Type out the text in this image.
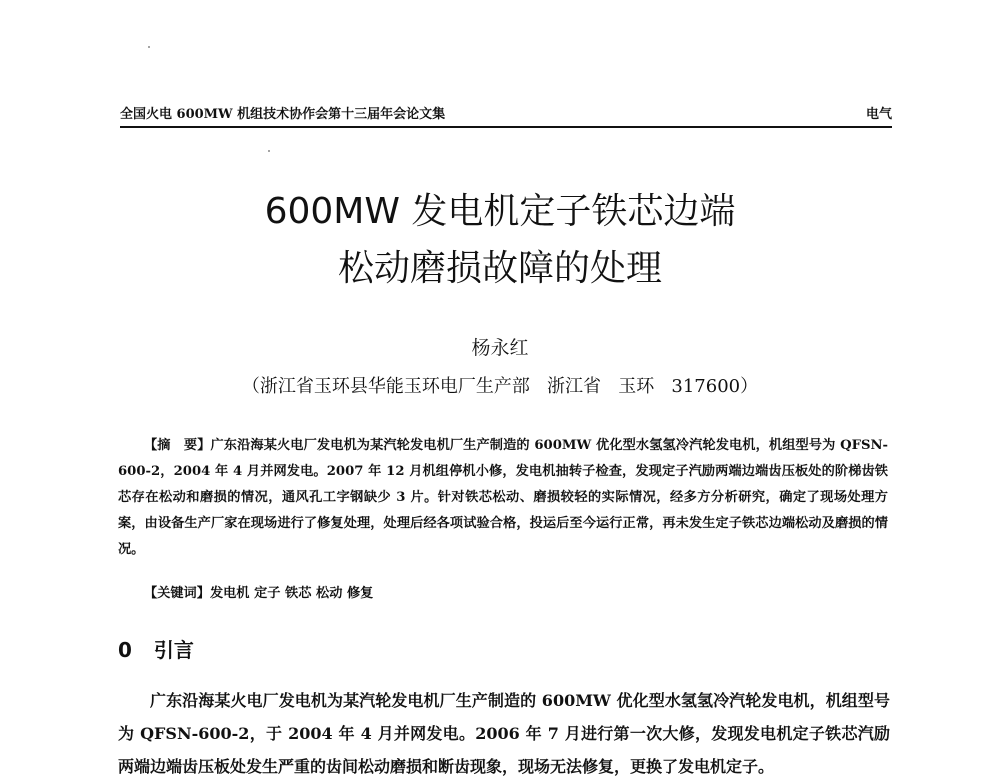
全国火电 600MW 机组技术协作会第十三届年会论文集	电气
600MW 发电机定子铁芯边端
松动磨损故障的处理
杨永红
（浙江省玉环县华能玉环电厂生产部   浙江省   玉环   317600）

【摘　要】广东沿海某火电厂发电机为某汽轮发电机厂生产制造的 600MW 优化型水氢氢冷汽轮发电机，机组型号为 QFSN-600-2，2004 年 4 月并网发电。2007 年 12 月机组停机小修，发电机抽转子检查，发现定子汽励两端边端齿压板处的阶梯齿铁芯存在松动和磨损的情况，通风孔工字钢缺少 3 片。针对铁芯松动、磨损较轻的实际情况，经多方分析研究，确定了现场处理方案，由设备生产厂家在现场进行了修复处理，处理后经各项试验合格，投运后至今运行正常，再未发生定子铁芯边端松动及磨损的情况。

【关键词】发电机 定子 铁芯 松动 修复
0 引言

广东沿海某火电厂发电机为某汽轮发电机厂生产制造的 600MW 优化型水氢氢冷汽轮发电机，机组型号为 QFSN-600-2，于 2004 年 4 月并网发电。2006 年 7 月进行第一次大修，发现发电机定子铁芯汽励两端边端齿压板处发生严重的齿间松动磨损和断齿现象，现场无法修复，更换了发电机定子。
